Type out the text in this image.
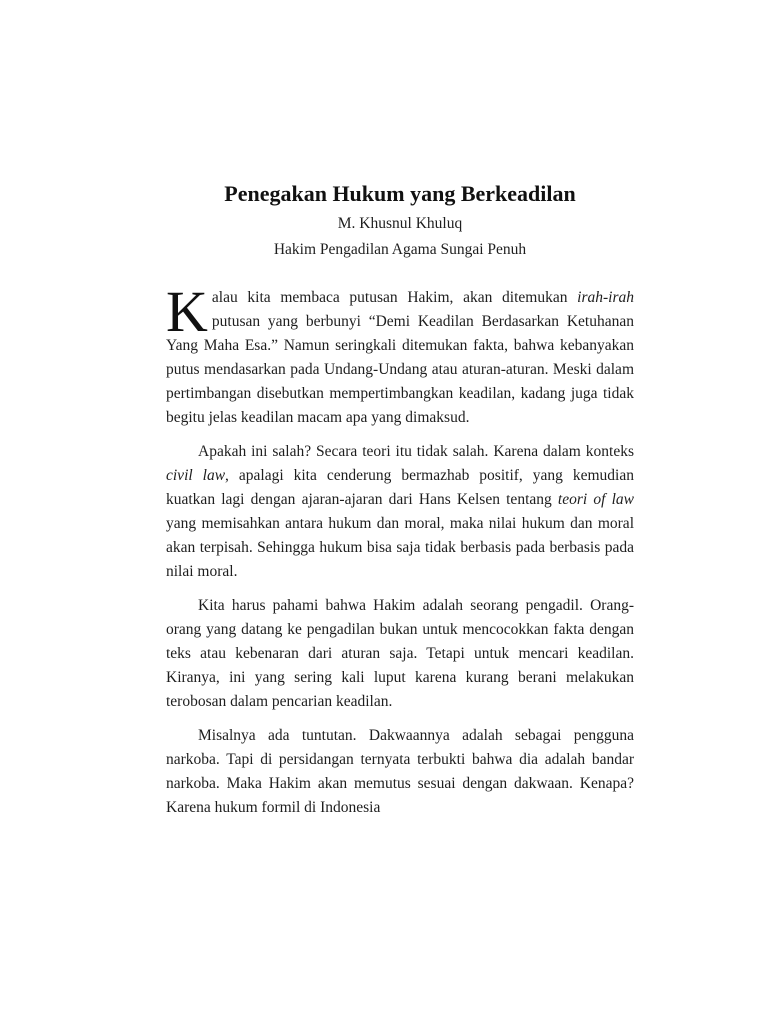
Penegakan Hukum yang Berkeadilan

M. Khusnul Khuluq

Hakim Pengadilan Agama Sungai Penuh

Kalau kita membaca putusan Hakim, akan ditemukan irah-irah putusan yang berbunyi “Demi Keadilan Berdasarkan Ketuhanan Yang Maha Esa.” Namun seringkali ditemukan fakta, bahwa kebanyakan putus mendasarkan pada Undang-Undang atau aturan-aturan. Meski dalam pertimbangan disebutkan mempertimbangkan keadilan, kadang juga tidak begitu jelas keadilan macam apa yang dimaksud.

Apakah ini salah? Secara teori itu tidak salah. Karena dalam konteks civil law, apalagi kita cenderung bermazhab positif, yang kemudian kuatkan lagi dengan ajaran-ajaran dari Hans Kelsen tentang teori of law yang memisahkan antara hukum dan moral, maka nilai hukum dan moral akan terpisah. Sehingga hukum bisa saja tidak berbasis pada berbasis pada nilai moral.

Kita harus pahami bahwa Hakim adalah seorang pengadil. Orang-orang yang datang ke pengadilan bukan untuk mencocokkan fakta dengan teks atau kebenaran dari aturan saja. Tetapi untuk mencari keadilan. Kiranya, ini yang sering kali luput karena kurang berani melakukan terobosan dalam pencarian keadilan.

Misalnya ada tuntutan. Dakwaannya adalah sebagai pengguna narkoba. Tapi di persidangan ternyata terbukti bahwa dia adalah bandar narkoba. Maka Hakim akan memutus sesuai dengan dakwaan. Kenapa? Karena hukum formil di Indonesia
